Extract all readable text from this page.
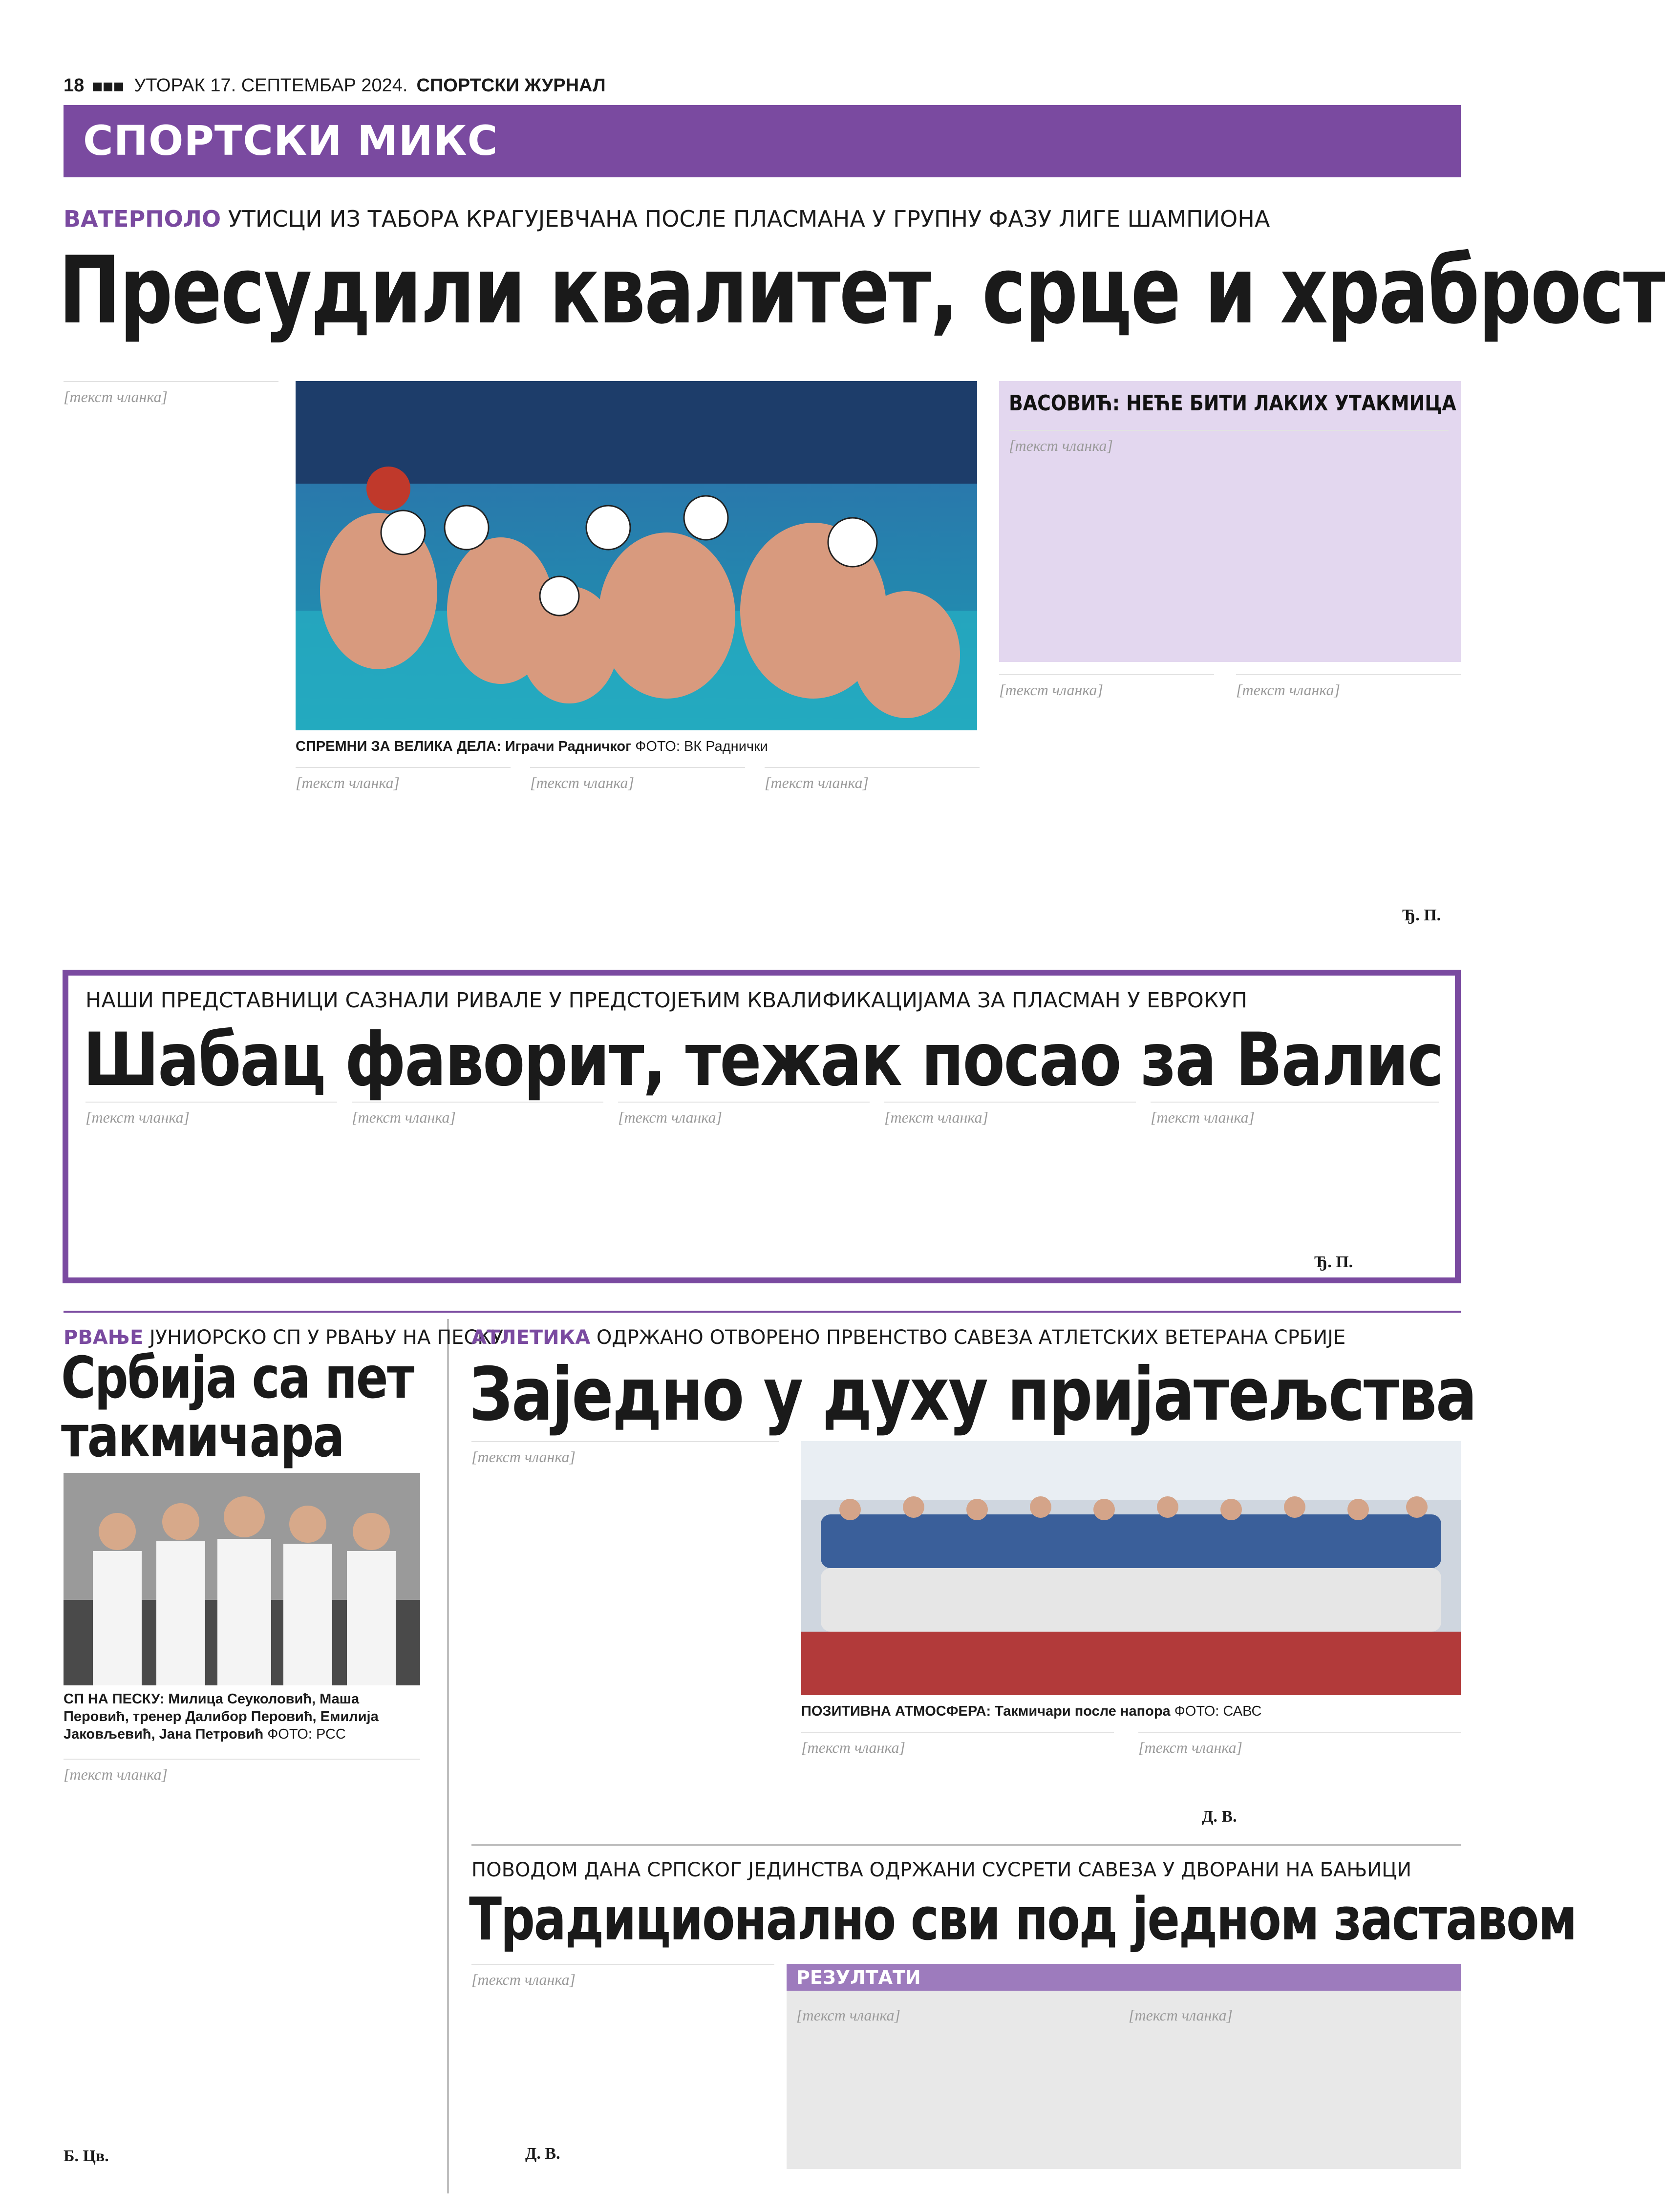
18	УТОРАК 17. СЕПТЕМБАР 2024. СПОРТСКИ ЖУРНАЛ
СПОРТСКИ МИКС
ВАТЕРПОЛО УТИСЦИ ИЗ ТАБОРА КРАГУЈЕВЧАНА ПОСЛЕ ПЛАСМАНА У ГРУПНУ ФАЗУ ЛИГЕ ШАМПИОНА
Пресудили квалитет, срце и храброст
СПРЕМНИ ЗА ВЕЛИКА ДЕЛА: Играчи Радничког ФОТО: ВК Раднички
ВАСОВИЋ: НЕЋЕ БИТИ ЛАКИХ УТАКМИЦА
[текст чланка]
[текст чланка]
[текст чланка]	[текст чланка]	[текст чланка]
[текст чланка]	[текст чланка]
Ђ. П.
НАШИ ПРЕДСТАВНИЦИ САЗНАЛИ РИВАЛЕ У ПРЕДСТОЈЕЋИМ КВАЛИФИКАЦИЈАМА ЗА ПЛАСМАН У ЕВРОКУП
Шабац фаворит, тежак посао за Валис
[текст чланка]	[текст чланка]	[текст чланка]	[текст чланка]	[текст чланка]
Ђ. П.
РВАЊЕ ЈУНИОРСКО СП У РВАЊУ НА ПЕСКУ
Србија са пет
такмичара
СП НА ПЕСКУ: Милица Сеуколовић, Маша Перовић, тренер Далибор Перовић, Емилија Јаковљевић, Јана Петровић ФОТО: РСС
[текст чланка]
Б. Цв.
АТЛЕТИКА ОДРЖАНО ОТВОРЕНО ПРВЕНСТВО САВЕЗА АТЛЕТСКИХ ВЕТЕРАНА СРБИЈЕ
Заједно у духу пријатељства
[текст чланка]
ПОЗИТИВНА АТМОСФЕРА: Такмичари после напора ФОТО: САВС
[текст чланка]	[текст чланка]
Д. В.
ПОВОДОМ ДАНА СРПСКОГ ЈЕДИНСТВА ОДРЖАНИ СУСРЕТИ САВЕЗА У ДВОРАНИ НА БАЊИЦИ
Традиционално сви под једном заставом
[текст чланка]
Д. В.
РЕЗУЛТАТИ
[текст чланка]	[текст чланка]
